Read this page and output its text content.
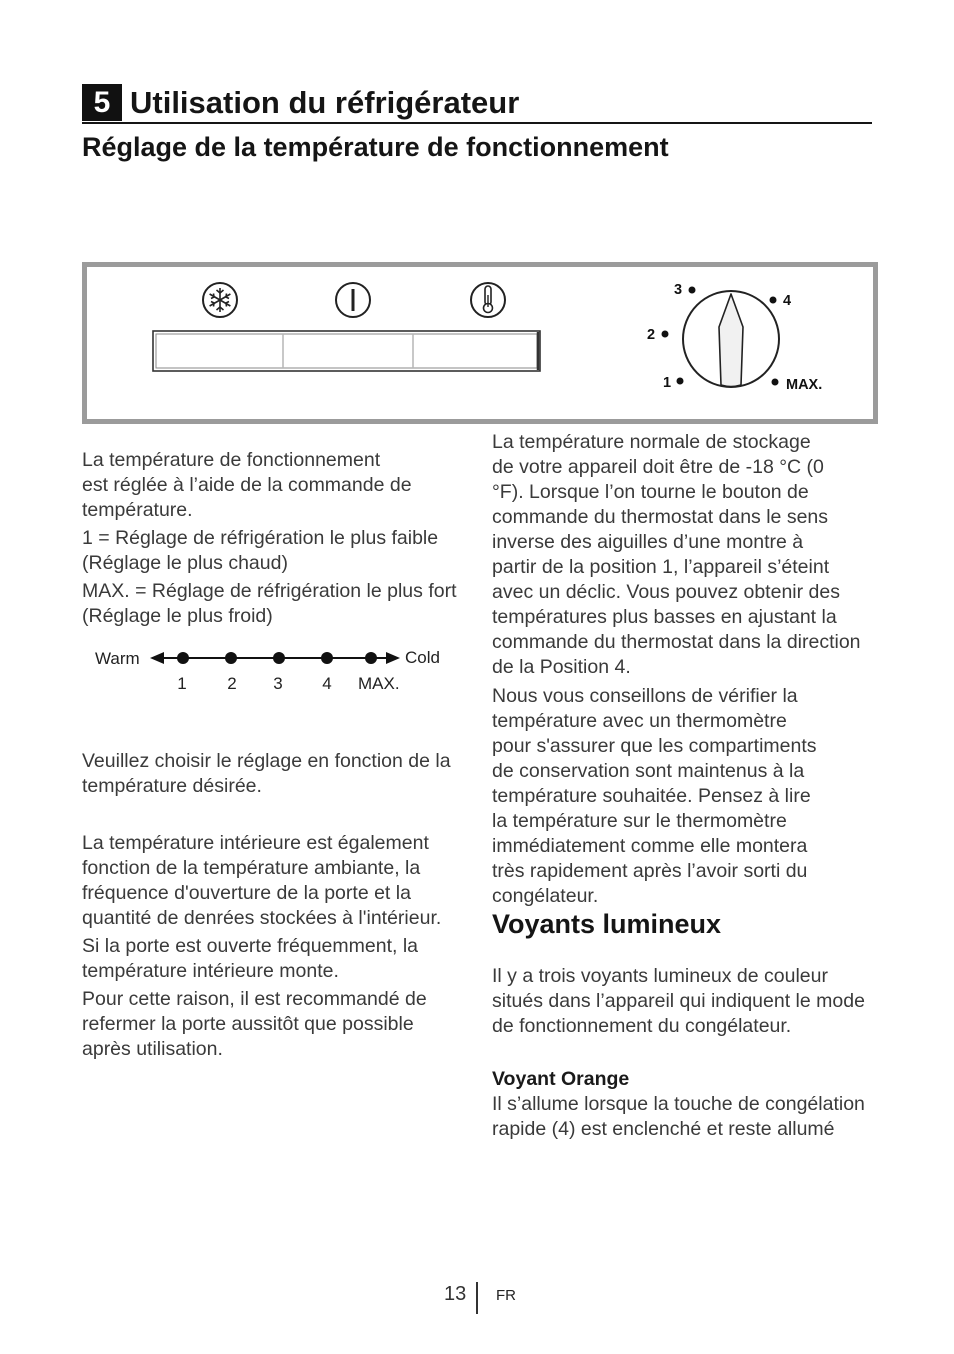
5 Utilisation du réfrigérateur
Réglage de la température de fonctionnement
3
4
2
1	MAX.
La température de fonctionnement
est réglée à l’aide de la commande de
température.
1 = Réglage de réfrigération le plus faible
(Réglage le plus chaud)
MAX. = Réglage de réfrigération le plus fort
(Réglage le plus froid)
Warm	Cold
1 2 3 4 MAX.
Veuillez choisir le réglage en fonction de la
température désirée.
La température intérieure est également
fonction de la température ambiante, la
fréquence d'ouverture de la porte et la
quantité de denrées stockées à l'intérieur.
Si la porte est ouverte fréquemment, la
température intérieure monte.
Pour cette raison, il est recommandé de
refermer la porte aussitôt que possible
après utilisation.
La température normale de stockage
de votre appareil doit être de -18 °C (0
°F). Lorsque l’on tourne le bouton de
commande du thermostat dans le sens
inverse des aiguilles d’une montre à
partir de la position 1, l’appareil s’éteint
avec un déclic. Vous pouvez obtenir des
températures plus basses en ajustant la
commande du thermostat dans la direction
de la Position 4.
Nous vous conseillons de vérifier la
température avec un thermomètre
pour s'assurer que les compartiments
de conservation sont maintenus à la
température souhaitée. Pensez à lire
la température sur le thermomètre
immédiatement comme elle montera
très rapidement après l’avoir sorti du
congélateur.
Voyants lumineux
Il y a trois voyants lumineux de couleur
situés dans l’appareil qui indiquent le mode
de fonctionnement du congélateur.
Voyant Orange
Il s’allume lorsque la touche de congélation
rapide (4) est enclenché et reste allumé
13 FR
